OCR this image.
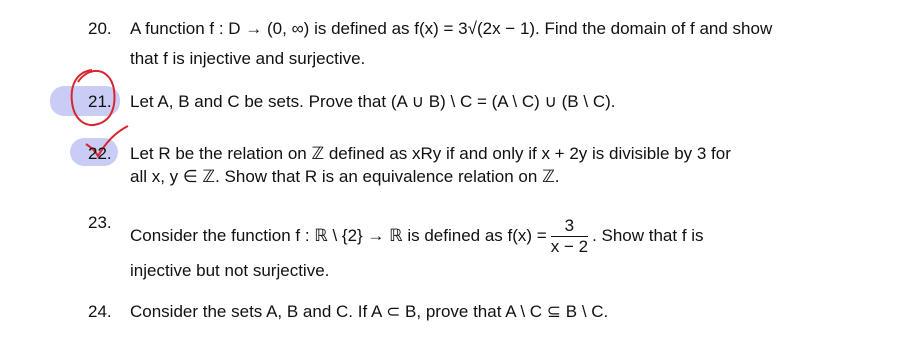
20. A function f : D → (0, ∞) is defined as f(x) = 3√(2x − 1). Find the domain of f and show
that f is injective and surjective.
21. Let A, B and C be sets. Prove that (A ∪ B) \ C = (A \ C) ∪ (B \ C).
22. Let R be the relation on ℤ defined as xRy if and only if x + 2y is divisible by 3 for
all x, y ∈ ℤ. Show that R is an equivalence relation on ℤ.
23.
Consider the function f : ℝ \ {2} → ℝ is defined as $f(x) = \frac{3}{x - 2}$ . Show that f is
injective but not surjective.
24. Consider the sets A, B and C. If A ⊂ B, prove that A \ C ⊆ B \ C.
